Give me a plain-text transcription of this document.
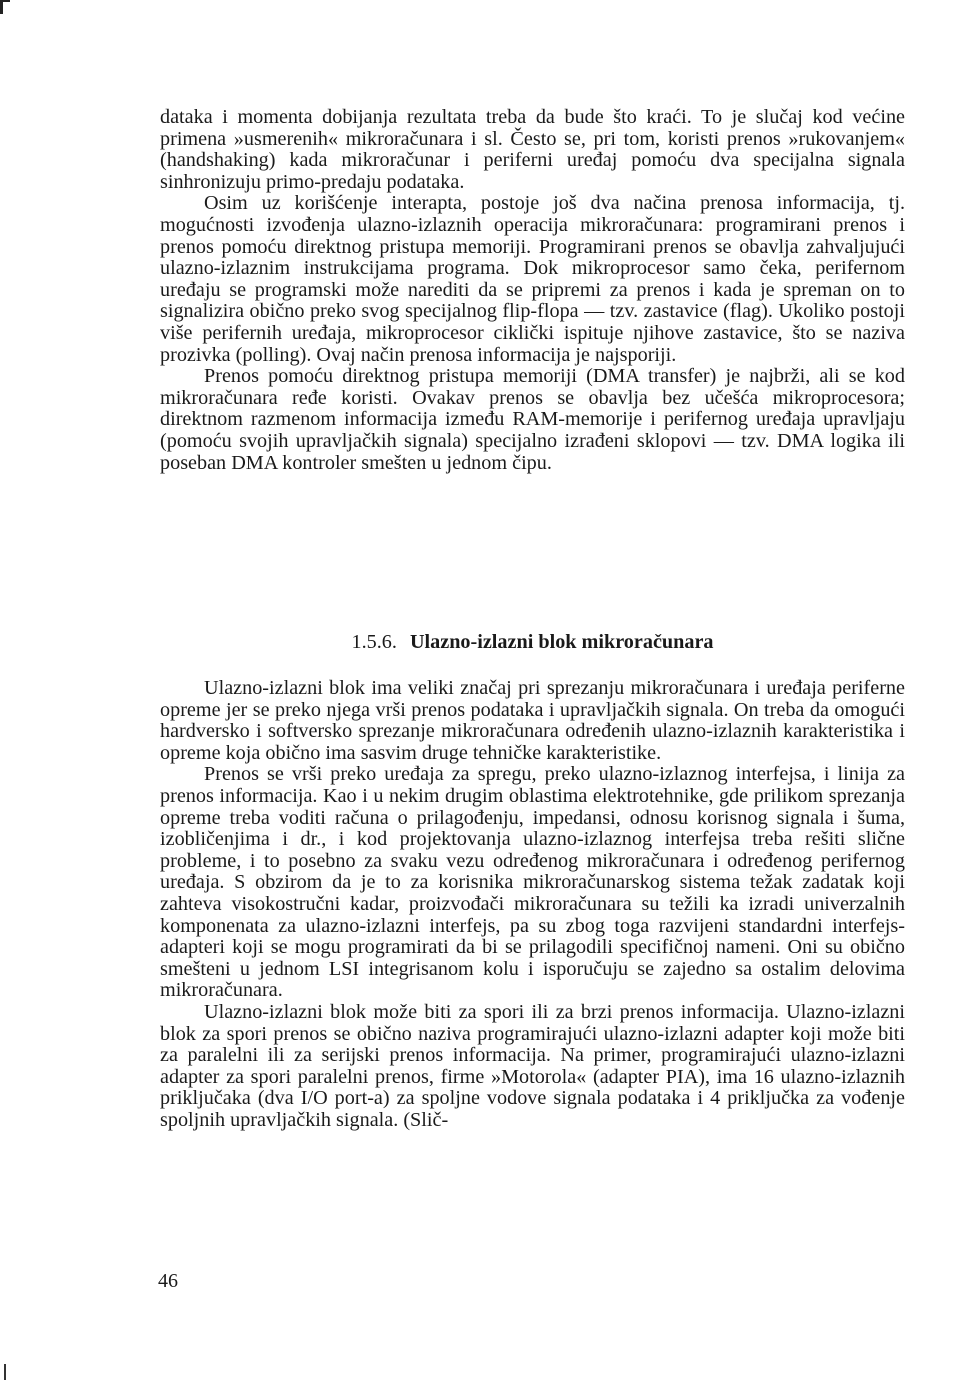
dataka i momenta dobijanja rezultata treba da bude što kraći. To je slučaj kod većine primena »usmerenih« mikroračunara i sl. Često se, pri tom, koristi prenos »rukovanjem« (handshaking) kada mikroračunar i periferni uređaj pomoću dva specijalna signala sinhronizuju primo-predaju podataka.

Osim uz korišćenje interapta, postoje još dva načina prenosa informacija, tj. mogućnosti izvođenja ulazno-izlaznih operacija mikroračunara: programirani prenos i prenos pomoću direktnog pristupa memoriji. Programirani prenos se obavlja zahvaljujući ulazno-izlaznim instrukcijama programa. Dok mikroprocesor samo čeka, perifernom uređaju se programski može narediti da se pripremi za prenos i kada je spreman on to signalizira obično preko svog specijalnog flip-flopa — tzv. zastavice (flag). Ukoliko postoji više perifernih uređaja, mikroprocesor ciklički ispituje njihove zastavice, što se naziva prozivka (polling). Ovaj način prenosa informacija je najsporiji.

Prenos pomoću direktnog pristupa memoriji (DMA transfer) je najbrži, ali se kod mikroračunara ređe koristi. Ovakav prenos se obavlja bez učešća mikroprocesora; direktnom razmenom informacija između RAM-memorije i perifernog uređaja upravljaju (pomoću svojih upravljačkih signala) specijalno izrađeni sklopovi — tzv. DMA logika ili poseban DMA kontroler smešten u jednom čipu.

1.5.6. Ulazno-izlazni blok mikroračunara

Ulazno-izlazni blok ima veliki značaj pri sprezanju mikroračunara i uređaja periferne opreme jer se preko njega vrši prenos podataka i upravljačkih signala. On treba da omogući hardversko i softversko sprezanje mikroračunara određenih ulazno-izlaznih karakteristika i opreme koja obično ima sasvim druge tehničke karakteristike.

Prenos se vrši preko uređaja za spregu, preko ulazno-izlaznog interfejsa, i linija za prenos informacija. Kao i u nekim drugim oblastima elektrotehnike, gde prilikom sprezanja opreme treba voditi računa o prilagođenju, impedansi, odnosu korisnog signala i šuma, izobličenjima i dr., i kod projektovanja ulazno-izlaznog interfejsa treba rešiti slične probleme, i to posebno za svaku vezu određenog mikroračunara i određenog perifernog uređaja. S obzirom da je to za korisnika mikroračunarskog sistema težak zadatak koji zahteva visokostručni kadar, proizvođači mikroračunara su težili ka izradi univerzalnih komponenata za ulazno-izlazni interfejs, pa su zbog toga razvijeni standardni interfejs-adapteri koji se mogu programirati da bi se prilagodili specifičnoj nameni. Oni su obično smešteni u jednom LSI integrisanom kolu i isporučuju se zajedno sa ostalim delovima mikroračunara.

Ulazno-izlazni blok može biti za spori ili za brzi prenos informacija. Ulazno-izlazni blok za spori prenos se obično naziva programirajući ulazno-izlazni adapter koji može biti za paralelni ili za serijski prenos informacija. Na primer, programirajući ulazno-izlazni adapter za spori paralelni prenos, firme »Motorola« (adapter PIA), ima 16 ulazno-izlaznih priključaka (dva I/O port-a) za spoljne vodove signala podataka i 4 priključka za vođenje spoljnih upravljačkih signala. (Slič-

46
